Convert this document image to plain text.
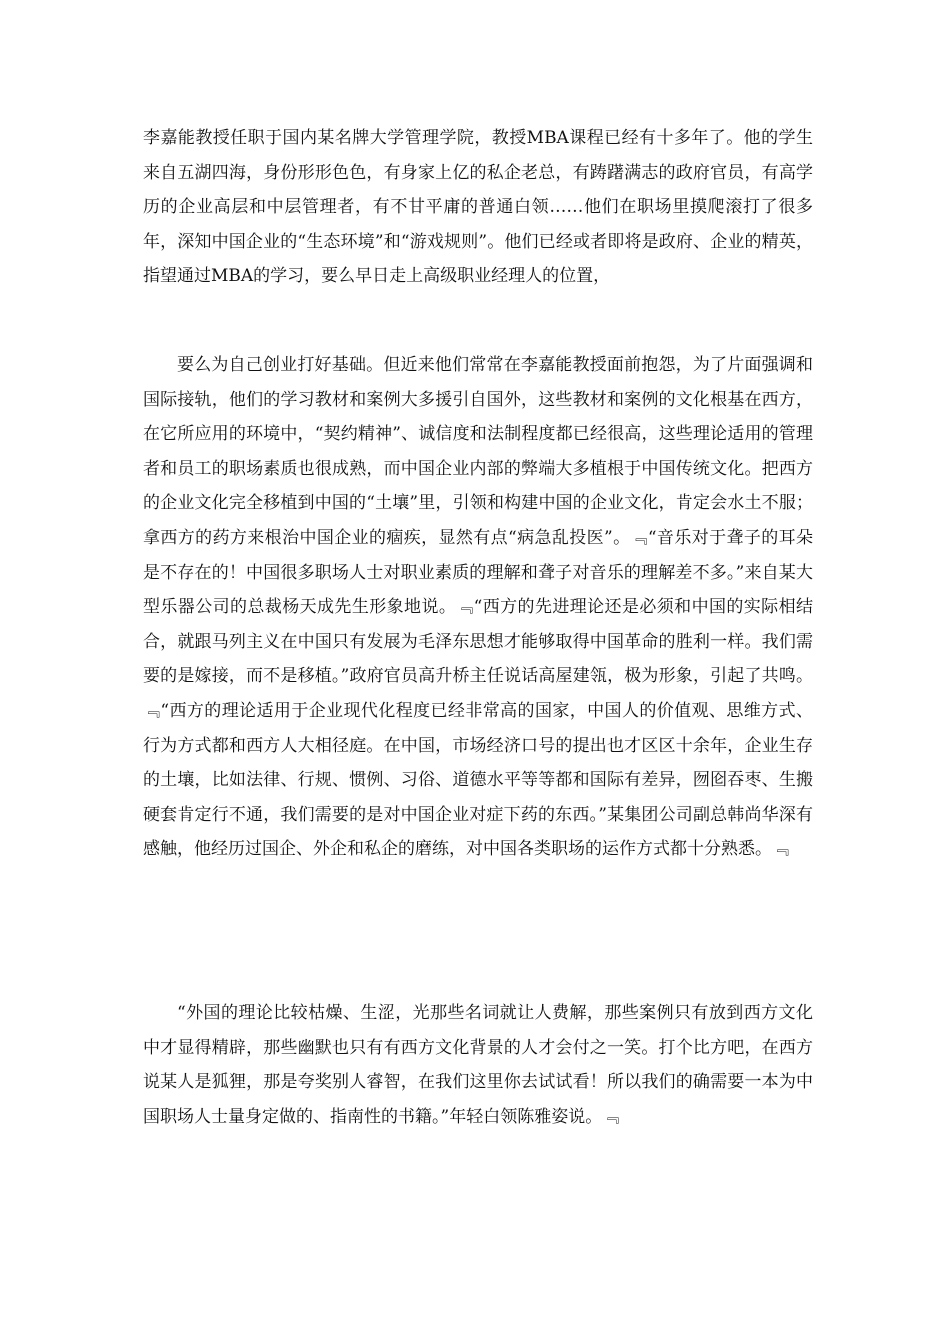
李嘉能教授任职于国内某名牌大学管理学院，教授MBA课程已经有十多年了。他的学生来自五湖四海，身份形形色色，有身家上亿的私企老总，有踌躇满志的政府官员，有高学历的企业高层和中层管理者，有不甘平庸的普通白领……他们在职场里摸爬滚打了很多年，深知中国企业的“生态环境”和“游戏规则”。他们已经或者即将是政府、企业的精英，指望通过MBA的学习，要么早日走上高级职业经理人的位置，

要么为自己创业打好基础。但近来他们常常在李嘉能教授面前抱怨，为了片面强调和国际接轨，他们的学习教材和案例大多援引自国外，这些教材和案例的文化根基在西方，在它所应用的环境中，“契约精神”、诚信度和法制程度都已经很高，这些理论适用的管理者和员工的职场素质也很成熟，而中国企业内部的弊端大多植根于中国传统文化。把西方的企业文化完全移植到中国的“土壤”里，引领和构建中国的企业文化，肯定会水土不服；拿西方的药方来根治中国企业的痼疾，显然有点“病急乱投医”。﹃“音乐对于聋子的耳朵是不存在的！中国很多职场人士对职业素质的理解和聋子对音乐的理解差不多。”来自某大型乐器公司的总裁杨天成先生形象地说。﹃“西方的先进理论还是必须和中国的实际相结合，就跟马列主义在中国只有发展为毛泽东思想才能够取得中国革命的胜利一样。我们需要的是嫁接，而不是移植。”政府官员高升桥主任说话高屋建瓴，极为形象，引起了共鸣。﹃“西方的理论适用于企业现代化程度已经非常高的国家，中国人的价值观、思维方式、行为方式都和西方人大相径庭。在中国，市场经济口号的提出也才区区十余年，企业生存的土壤，比如法律、行规、惯例、习俗、道德水平等等都和国际有差异，囫囵吞枣、生搬硬套肯定行不通，我们需要的是对中国企业对症下药的东西。”某集团公司副总韩尚华深有感触，他经历过国企、外企和私企的磨练，对中国各类职场的运作方式都十分熟悉。﹃

“外国的理论比较枯燥、生涩，光那些名词就让人费解，那些案例只有放到西方文化中才显得精辟，那些幽默也只有有西方文化背景的人才会付之一笑。打个比方吧，在西方说某人是狐狸，那是夸奖别人睿智，在我们这里你去试试看！所以我们的确需要一本为中国职场人士量身定做的、指南性的书籍。”年轻白领陈雅姿说。﹃
